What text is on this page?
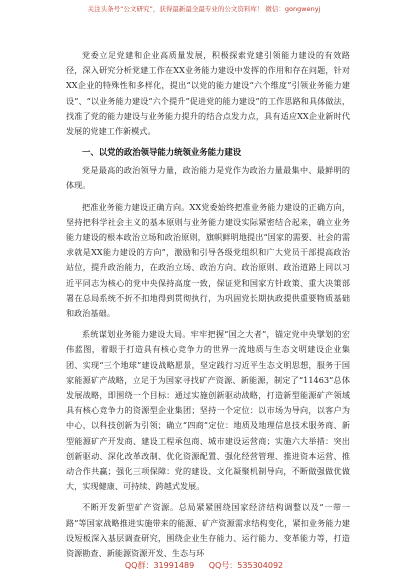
关注头条号“公文研究”，获得最新最全最专业的公文资料库！ 微信：gongwenyj

党委立足党建和企业高质量发展，积极探索党建引领能力建设的有效路径，深入研究分析党建工作在XX业务能力建设中发挥的作用和存在问题，针对XX企业的特殊性和多样化，提出“以党的能力建设“六个维度”引领业务能力建设”、“以业务能力建设“六个提升”促进党的能力建设”的工作思路和具体做法，找准了党的能力建设与业务能力提升的结合点发力点，具有适应XX企业新时代发展的党建工作新模式。

一、以党的政治领导能力统领业务能力建设

党是最高的政治领导力量，政治能力是党作为政治力量最集中、最鲜明的体现。

把准业务能力建设正确方向。XX党委始终把准业务能力建设的正确方向，坚持把科学社会主义的基本原则与业务能力建设实际紧密结合起来，确立业务能力建设的根本政治立场和政治原则，旗帜鲜明地提出“国家的需要、社会的需求就是XX能力建设的方向”，激励和引导各级党组织和广大党员干部提高政治站位，提升政治能力，在政治立场、政治方向、政治原则、政治道路上同以习近平同志为核心的党中央保持高度一致，保证党和国家方针政策、重大决策部署在总局系统不折不扣地得到贯彻执行，为巩固党长期执政提供重要物质基础和政治基础。

系统谋划业务能力建设大局。牢牢把握“国之大者”，锚定党中央擘划的宏伟蓝图，着眼于打造具有核心竞争力的世界一流地质与生态文明建设企业集团、实现“三个地球”建设战略愿景，坚定践行习近平生态文明思想，服务于国家能源矿产战略，立足于为国家寻找矿产资源、新能源，制定了“11463”总体发展战略，即围绕一个目标：通过实施创新驱动战略，打造新型能源矿产领域具有核心竞争力的资源型企业集团；坚持一个定位：以市场为导向，以客户为中心，以科技创新为引领；确立“四商”定位：地质及地理信息技术服务商、新型能源矿产开发商、建设工程承包商、城市建设运营商；实施六大举措：突出创新驱动、深化改革改制、优化资源配置、强化经营管理、推进资本运营、推动合作共赢；强化三项保障：党的建设、文化凝聚机制导向，不断做强做优做大，实现健康、可持续、跨越式发展。

不断开发新型矿产资源。总局紧紧围绕国家经济结构调整以及“一带一路”等国家战略推进实施带来的能源、矿产资源需求结构变化，紧扣业务能力建设短板深入基层调查研究，围绕企业生存能力、运行能力、变革能力等，打造资源勘查、新能源资源开发、生态与环

QQ群：31991489 QQ号：535304092
